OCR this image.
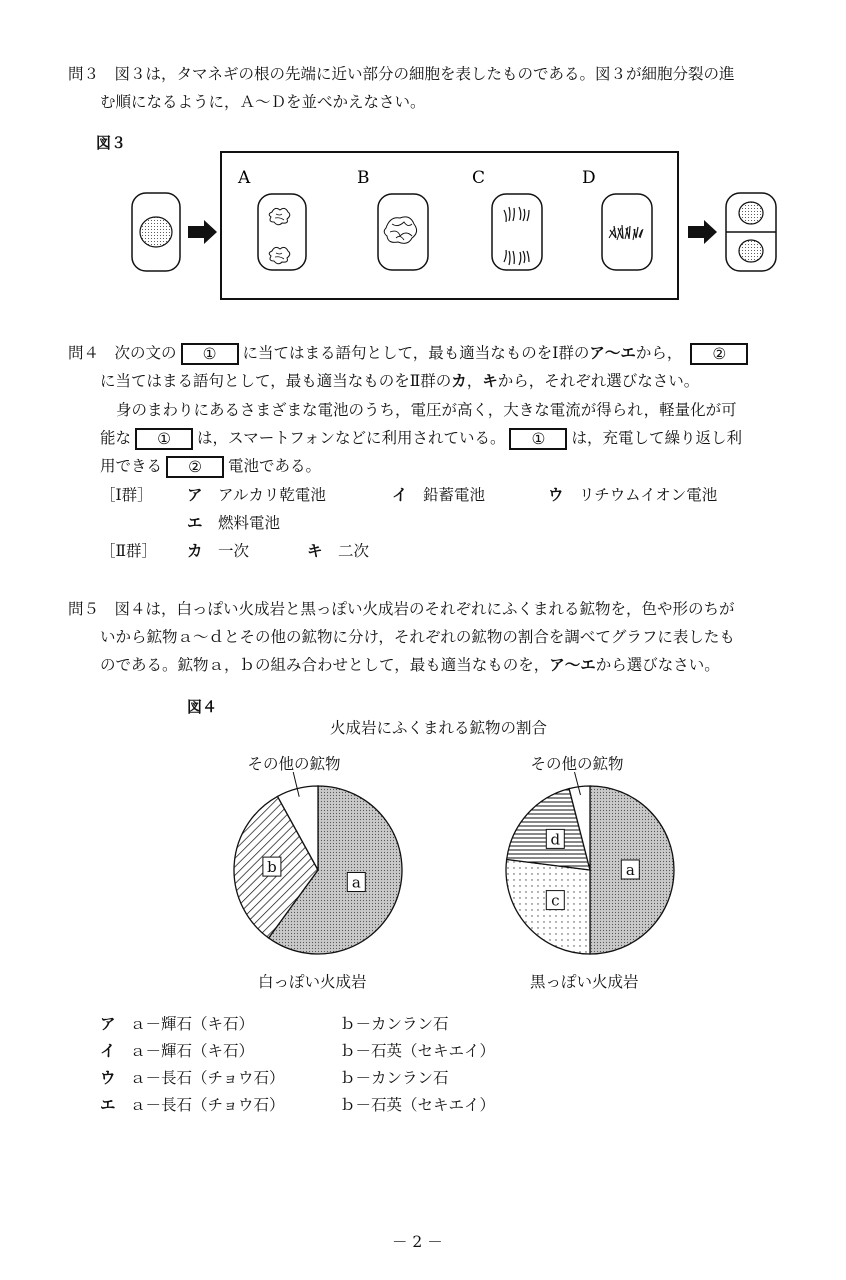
問３　図３は，タマネギの根の先端に近い部分の細胞を表したものである。図３が細胞分裂の進
む順になるように，Ａ～Ｄを並べかえなさい。
図３
A	B	C	D
問４　次の文の ① に当てはまる語句として，最も適当なものをⅠ群のア～エから， ②
に当てはまる語句として，最も適当なものをⅡ群のカ，キから，それぞれ選びなさい。
身のまわりにあるさまざまな電池のうち，電圧が高く，大きな電流が得られ，軽量化が可
能な ① は，スマートフォンなどに利用されている。 ① は，充電して繰り返し利
用できる ② 電池である。
［Ⅰ群］ ア　 アルカリ乾電池	イ　 鉛蓄電池	ウ　 リチウムイオン電池
エ　 燃料電池
［Ⅱ群］ カ　 一次	キ　 二次
問５　図４は，白っぽい火成岩と黒っぽい火成岩のそれぞれにふくまれる鉱物を，色や形のちが
いから鉱物ａ～ｄとその他の鉱物に分け，それぞれの鉱物の割合を調べてグラフに表したも
のである。鉱物ａ，ｂの組み合わせとして，最も適当なものを，ア～エから選びなさい。
図４
火成岩にふくまれる鉱物の割合
a
b
その他の鉱物
a
c
d
その他の鉱物
白っぽい火成岩	黒っぽい火成岩
ア ａ－輝石（キ石）	ｂ－カンラン石
イ ａ－輝石（キ石）	ｂ－石英（セキエイ）
ウ ａ－長石（チョウ石）	ｂ－カンラン石
エ ａ－長石（チョウ石）	ｂ－石英（セキエイ）
－ 2 －
